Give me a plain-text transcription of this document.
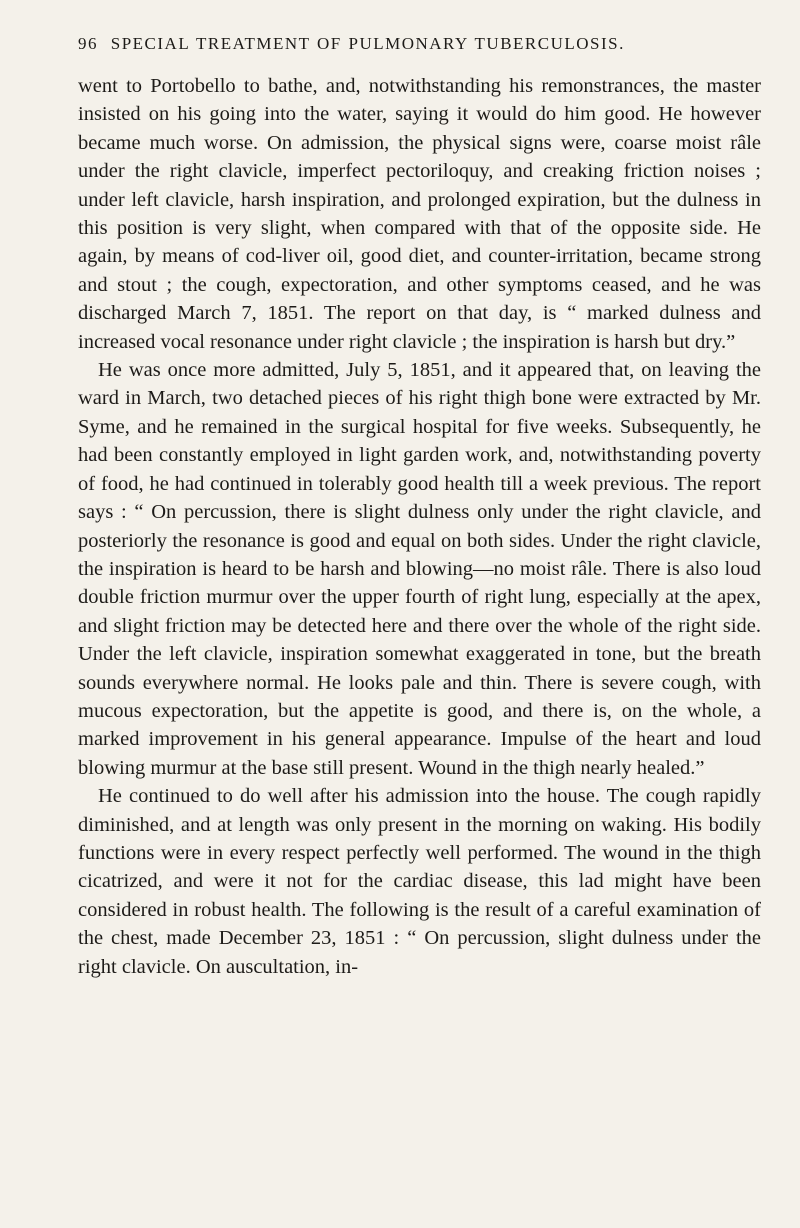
96 SPECIAL TREATMENT OF PULMONARY TUBERCULOSIS.

went to Portobello to bathe, and, notwithstanding his remonstrances, the master insisted on his going into the water, saying it would do him good. He however became much worse. On admission, the physical signs were, coarse moist râle under the right clavicle, imperfect pectoriloquy, and creaking friction noises ; under left clavicle, harsh inspiration, and prolonged expiration, but the dulness in this position is very slight, when compared with that of the opposite side. He again, by means of cod-liver oil, good diet, and counter-irritation, became strong and stout ; the cough, expectoration, and other symptoms ceased, and he was discharged March 7, 1851. The report on that day, is “ marked dulness and increased vocal resonance under right clavicle ; the inspiration is harsh but dry.”

He was once more admitted, July 5, 1851, and it appeared that, on leaving the ward in March, two detached pieces of his right thigh bone were extracted by Mr. Syme, and he remained in the surgical hospital for five weeks. Subsequently, he had been constantly employed in light garden work, and, notwithstanding poverty of food, he had continued in tolerably good health till a week previous. The report says : “ On percussion, there is slight dulness only under the right clavicle, and posteriorly the resonance is good and equal on both sides. Under the right clavicle, the inspiration is heard to be harsh and blowing—no moist râle. There is also loud double friction murmur over the upper fourth of right lung, especially at the apex, and slight friction may be detected here and there over the whole of the right side. Under the left clavicle, inspiration somewhat exaggerated in tone, but the breath sounds everywhere normal. He looks pale and thin. There is severe cough, with mucous expectoration, but the appetite is good, and there is, on the whole, a marked improvement in his general appearance. Impulse of the heart and loud blowing murmur at the base still present. Wound in the thigh nearly healed.”

He continued to do well after his admission into the house. The cough rapidly diminished, and at length was only present in the morning on waking. His bodily functions were in every respect perfectly well performed. The wound in the thigh cicatrized, and were it not for the cardiac disease, this lad might have been considered in robust health. The following is the result of a careful examination of the chest, made December 23, 1851 : “ On percussion, slight dulness under the right clavicle. On auscultation, in-
